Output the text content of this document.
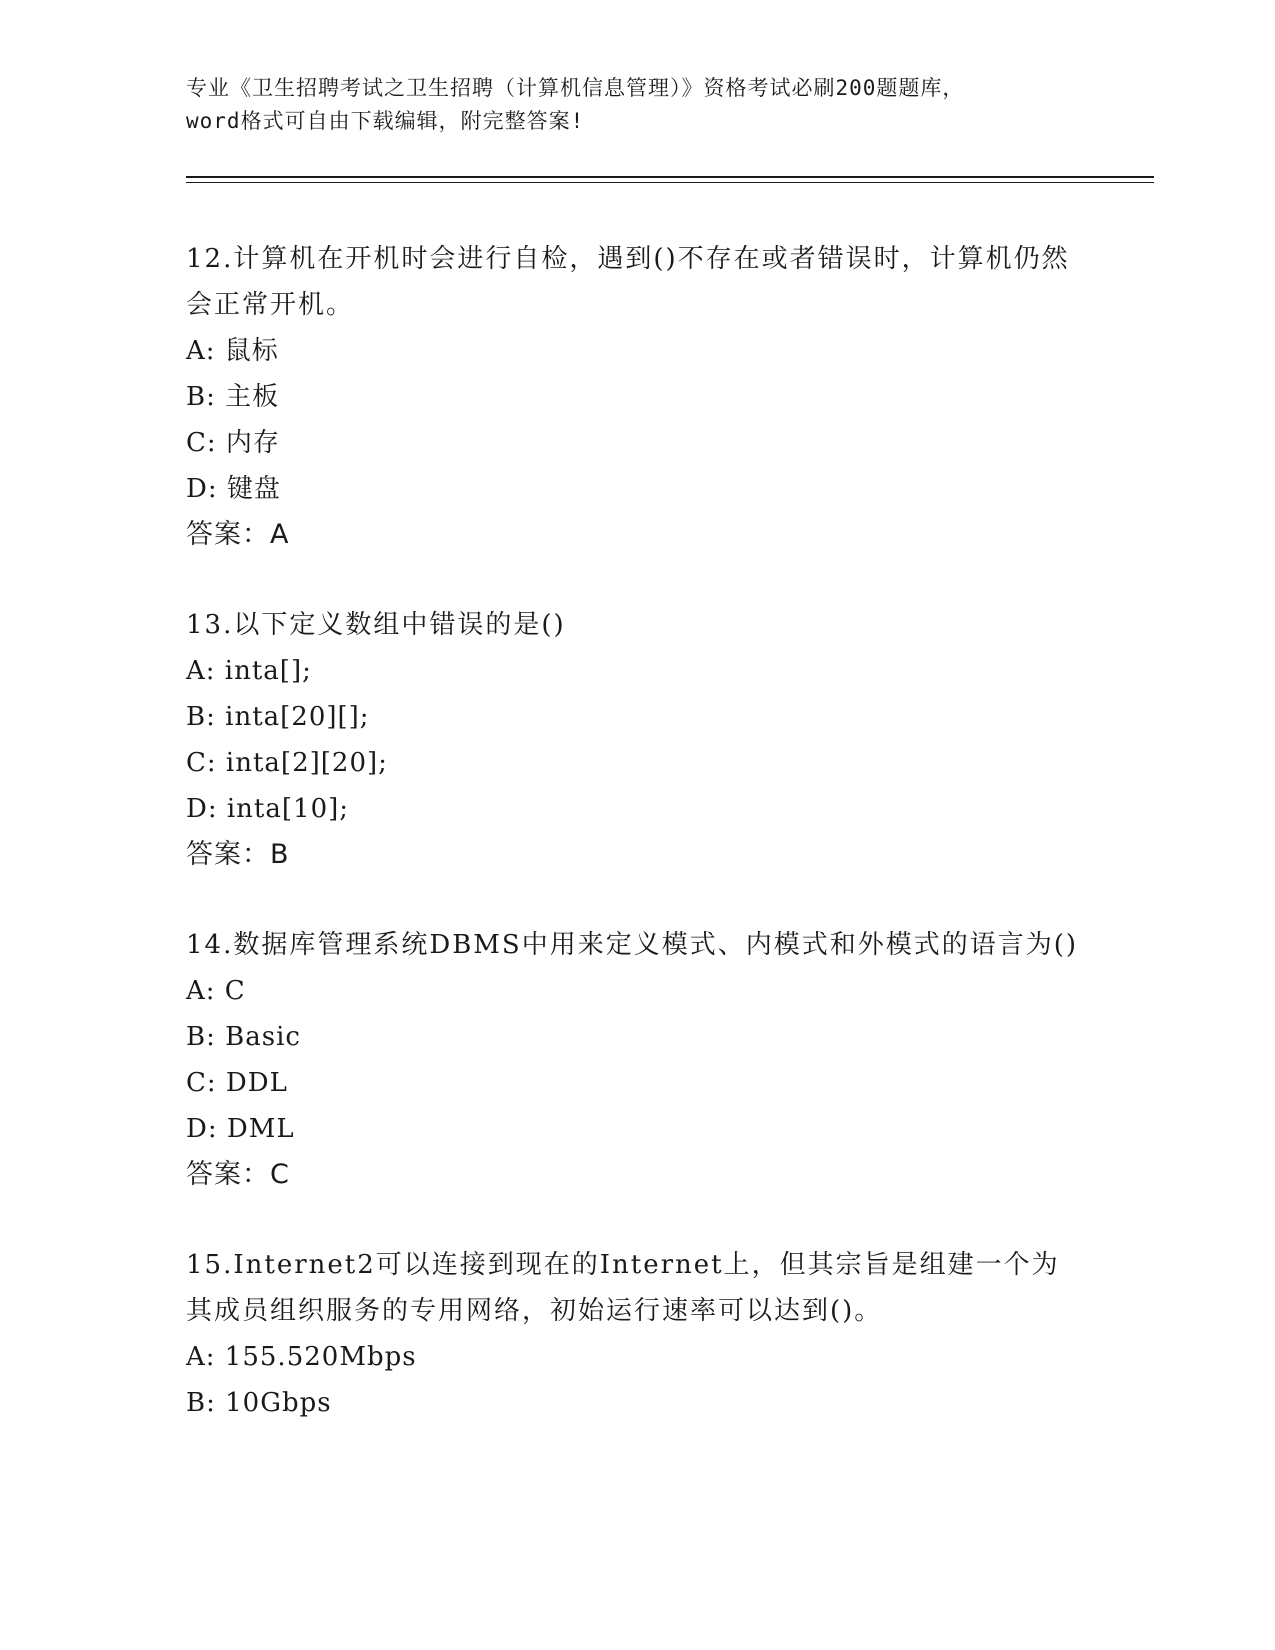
专业《卫生招聘考试之卫生招聘（计算机信息管理）》资格考试必刷200题题库，
word格式可自由下载编辑，附完整答案!
12.计算机在开机时会进行自检，遇到()不存在或者错误时，计算机仍然会正常开机。
A: 鼠标
B: 主板
C: 内存
D: 键盘
答案：A
13.以下定义数组中错误的是()
A: inta[];
B: inta[20][];
C: inta[2][20];
D: inta[10];
答案：B
14.数据库管理系统DBMS中用来定义模式、内模式和外模式的语言为()
A: C
B: Basic
C: DDL
D: DML
答案：C
15.Internet2可以连接到现在的Internet上，但其宗旨是组建一个为其成员组织服务的专用网络，初始运行速率可以达到()。
A: 155.520Mbps
B: 10Gbps
